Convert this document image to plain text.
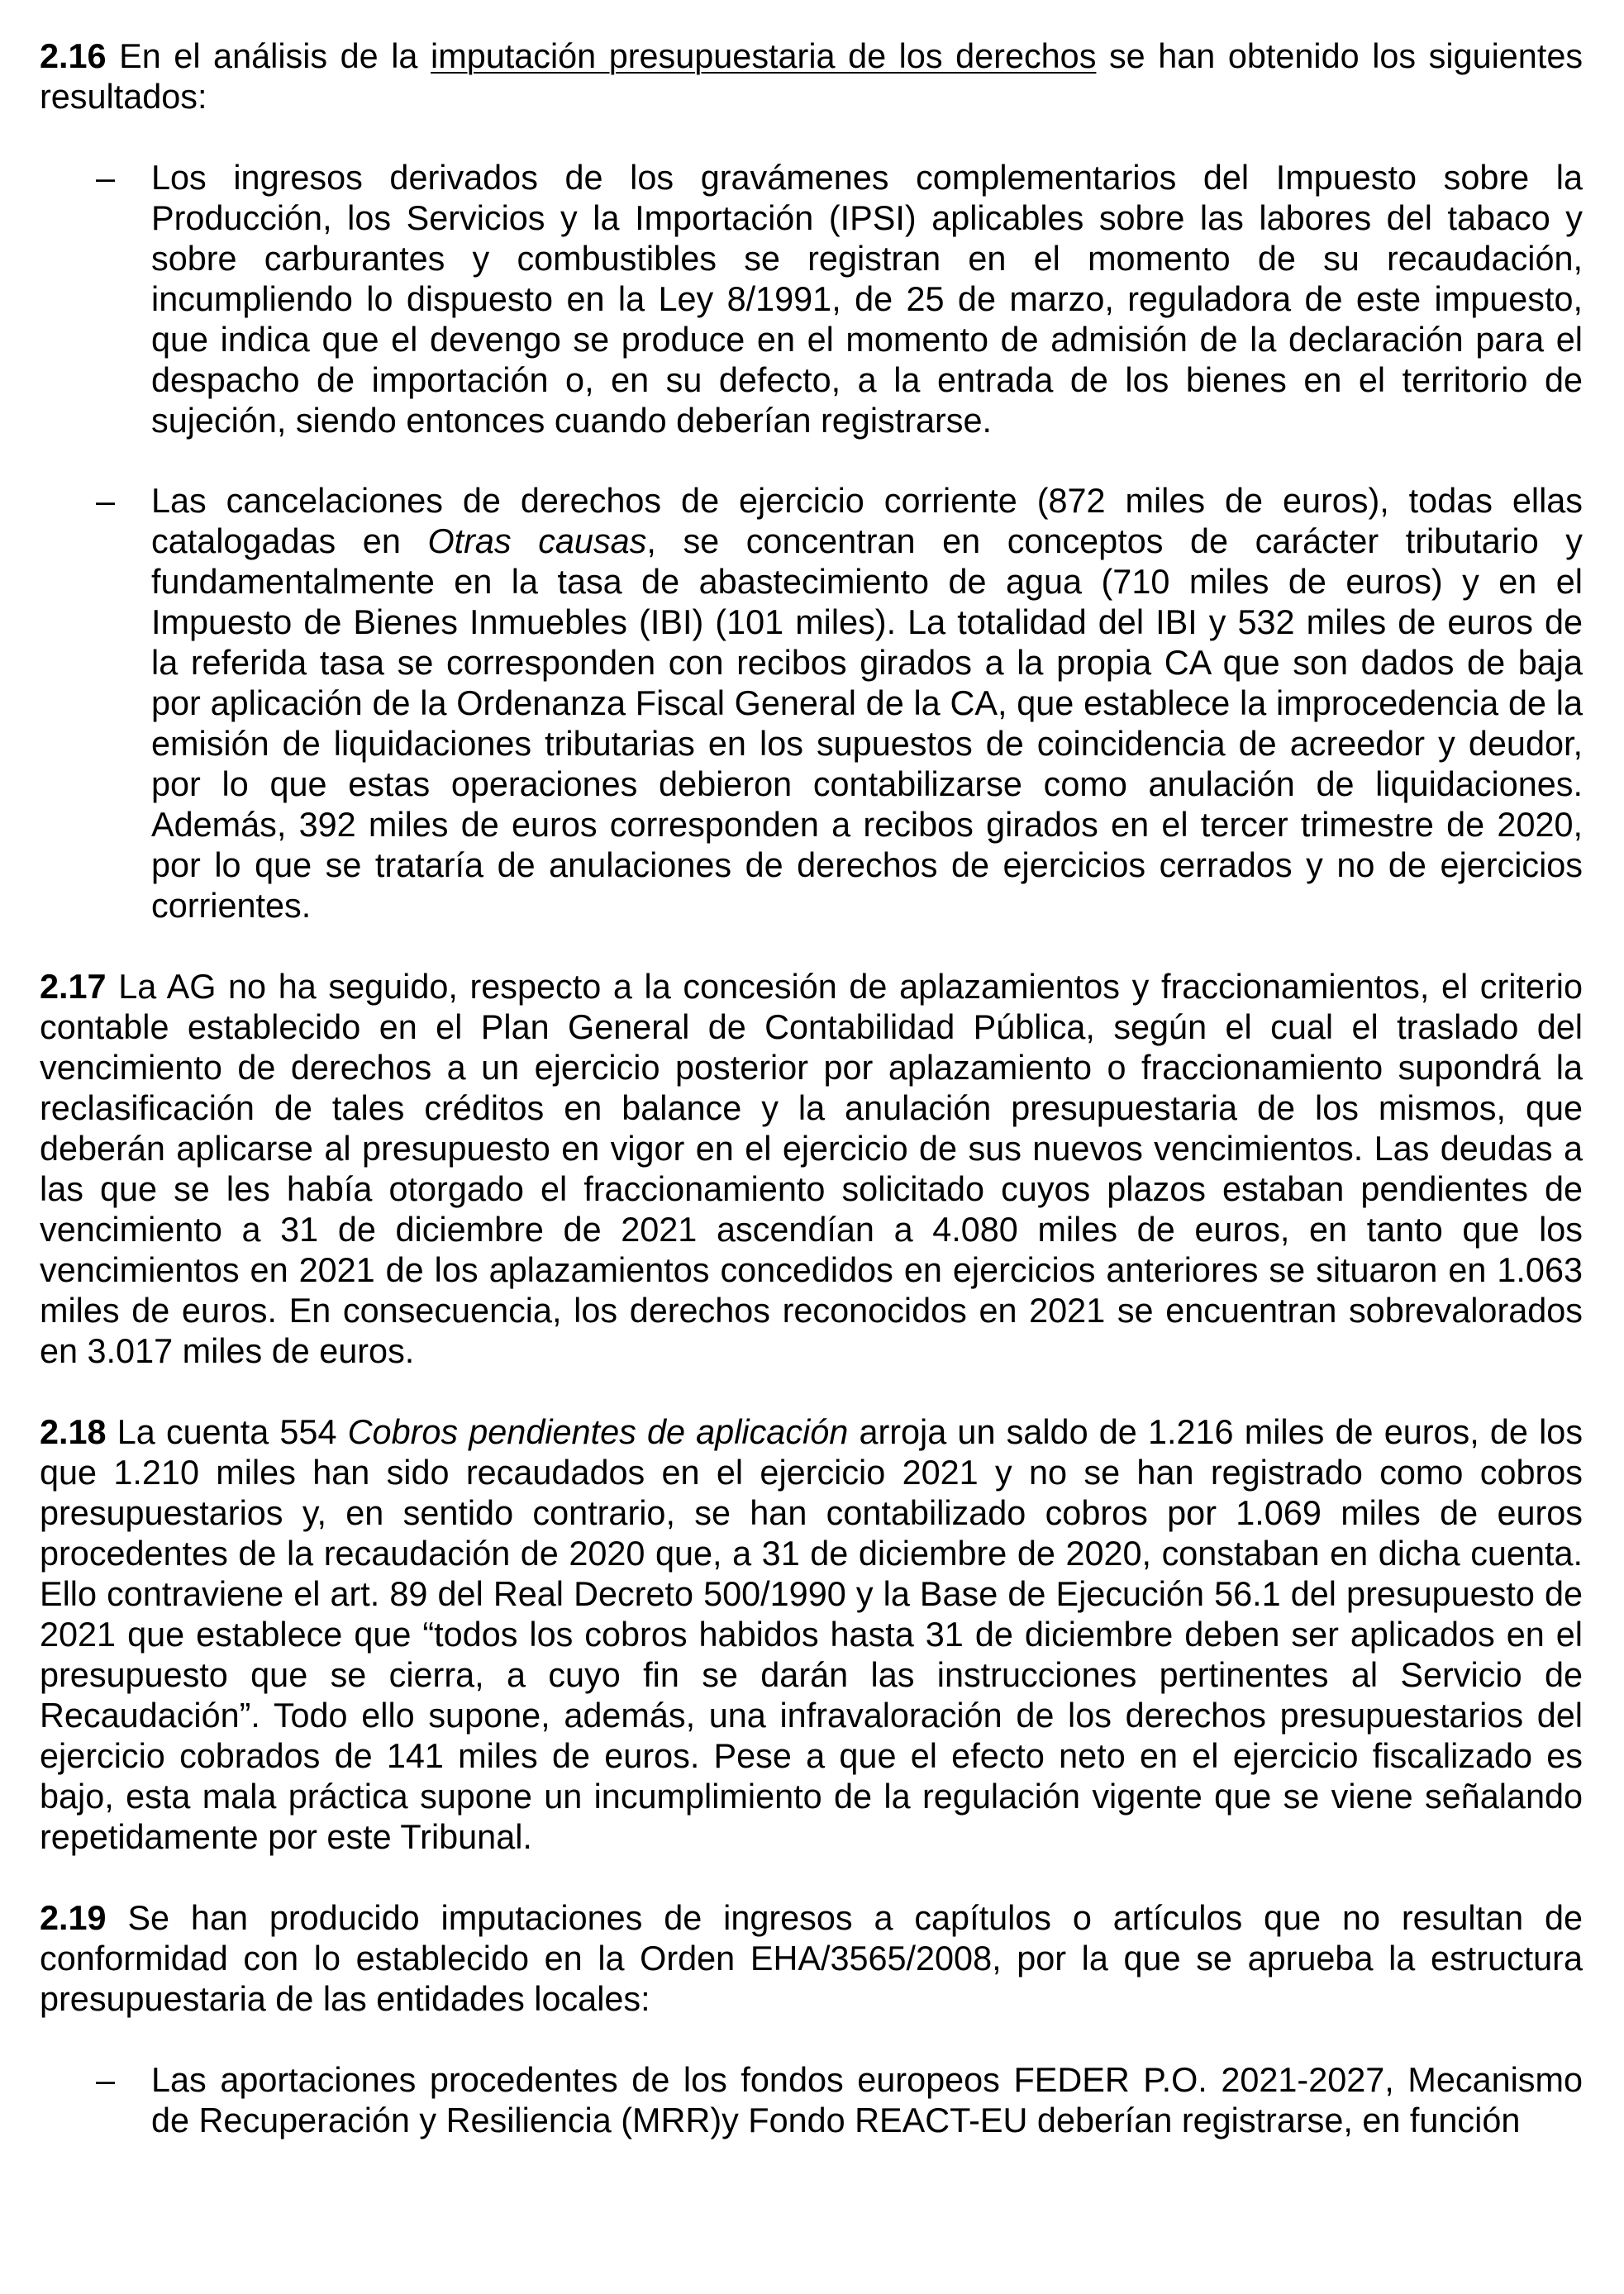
2.16 En el análisis de la imputación presupuestaria de los derechos se han obtenido los siguientes resultados:

– Los ingresos derivados de los gravámenes complementarios del Impuesto sobre la Producción, los Servicios y la Importación (IPSI) aplicables sobre las labores del tabaco y sobre carburantes y combustibles se registran en el momento de su recaudación, incumpliendo lo dispuesto en la Ley 8/1991, de 25 de marzo, reguladora de este impuesto, que indica que el devengo se produce en el momento de admisión de la declaración para el despacho de importación o, en su defecto, a la entrada de los bienes en el territorio de sujeción, siendo entonces cuando deberían registrarse.

– Las cancelaciones de derechos de ejercicio corriente (872 miles de euros), todas ellas catalogadas en Otras causas, se concentran en conceptos de carácter tributario y fundamentalmente en la tasa de abastecimiento de agua (710 miles de euros) y en el Impuesto de Bienes Inmuebles (IBI) (101 miles). La totalidad del IBI y 532 miles de euros de la referida tasa se corresponden con recibos girados a la propia CA que son dados de baja por aplicación de la Ordenanza Fiscal General de la CA, que establece la improcedencia de la emisión de liquidaciones tributarias en los supuestos de coincidencia de acreedor y deudor, por lo que estas operaciones debieron contabilizarse como anulación de liquidaciones. Además, 392 miles de euros corresponden a recibos girados en el tercer trimestre de 2020, por lo que se trataría de anulaciones de derechos de ejercicios cerrados y no de ejercicios corrientes.

2.17 La AG no ha seguido, respecto a la concesión de aplazamientos y fraccionamientos, el criterio contable establecido en el Plan General de Contabilidad Pública, según el cual el traslado del vencimiento de derechos a un ejercicio posterior por aplazamiento o fraccionamiento supondrá la reclasificación de tales créditos en balance y la anulación presupuestaria de los mismos, que deberán aplicarse al presupuesto en vigor en el ejercicio de sus nuevos vencimientos. Las deudas a las que se les había otorgado el fraccionamiento solicitado cuyos plazos estaban pendientes de vencimiento a 31 de diciembre de 2021 ascendían a 4.080 miles de euros, en tanto que los vencimientos en 2021 de los aplazamientos concedidos en ejercicios anteriores se situaron en 1.063 miles de euros. En consecuencia, los derechos reconocidos en 2021 se encuentran sobrevalorados en 3.017 miles de euros.

2.18 La cuenta 554 Cobros pendientes de aplicación arroja un saldo de 1.216 miles de euros, de los que 1.210 miles han sido recaudados en el ejercicio 2021 y no se han registrado como cobros presupuestarios y, en sentido contrario, se han contabilizado cobros por 1.069 miles de euros procedentes de la recaudación de 2020 que, a 31 de diciembre de 2020, constaban en dicha cuenta. Ello contraviene el art. 89 del Real Decreto 500/1990 y la Base de Ejecución 56.1 del presupuesto de 2021 que establece que “todos los cobros habidos hasta 31 de diciembre deben ser aplicados en el presupuesto que se cierra, a cuyo fin se darán las instrucciones pertinentes al Servicio de Recaudación”. Todo ello supone, además, una infravaloración de los derechos presupuestarios del ejercicio cobrados de 141 miles de euros. Pese a que el efecto neto en el ejercicio fiscalizado es bajo, esta mala práctica supone un incumplimiento de la regulación vigente que se viene señalando repetidamente por este Tribunal.

2.19 Se han producido imputaciones de ingresos a capítulos o artículos que no resultan de conformidad con lo establecido en la Orden EHA/3565/2008, por la que se aprueba la estructura presupuestaria de las entidades locales:

– Las aportaciones procedentes de los fondos europeos FEDER P.O. 2021-2027, Mecanismo de Recuperación y Resiliencia (MRR)y Fondo REACT-EU deberían registrarse, en función
